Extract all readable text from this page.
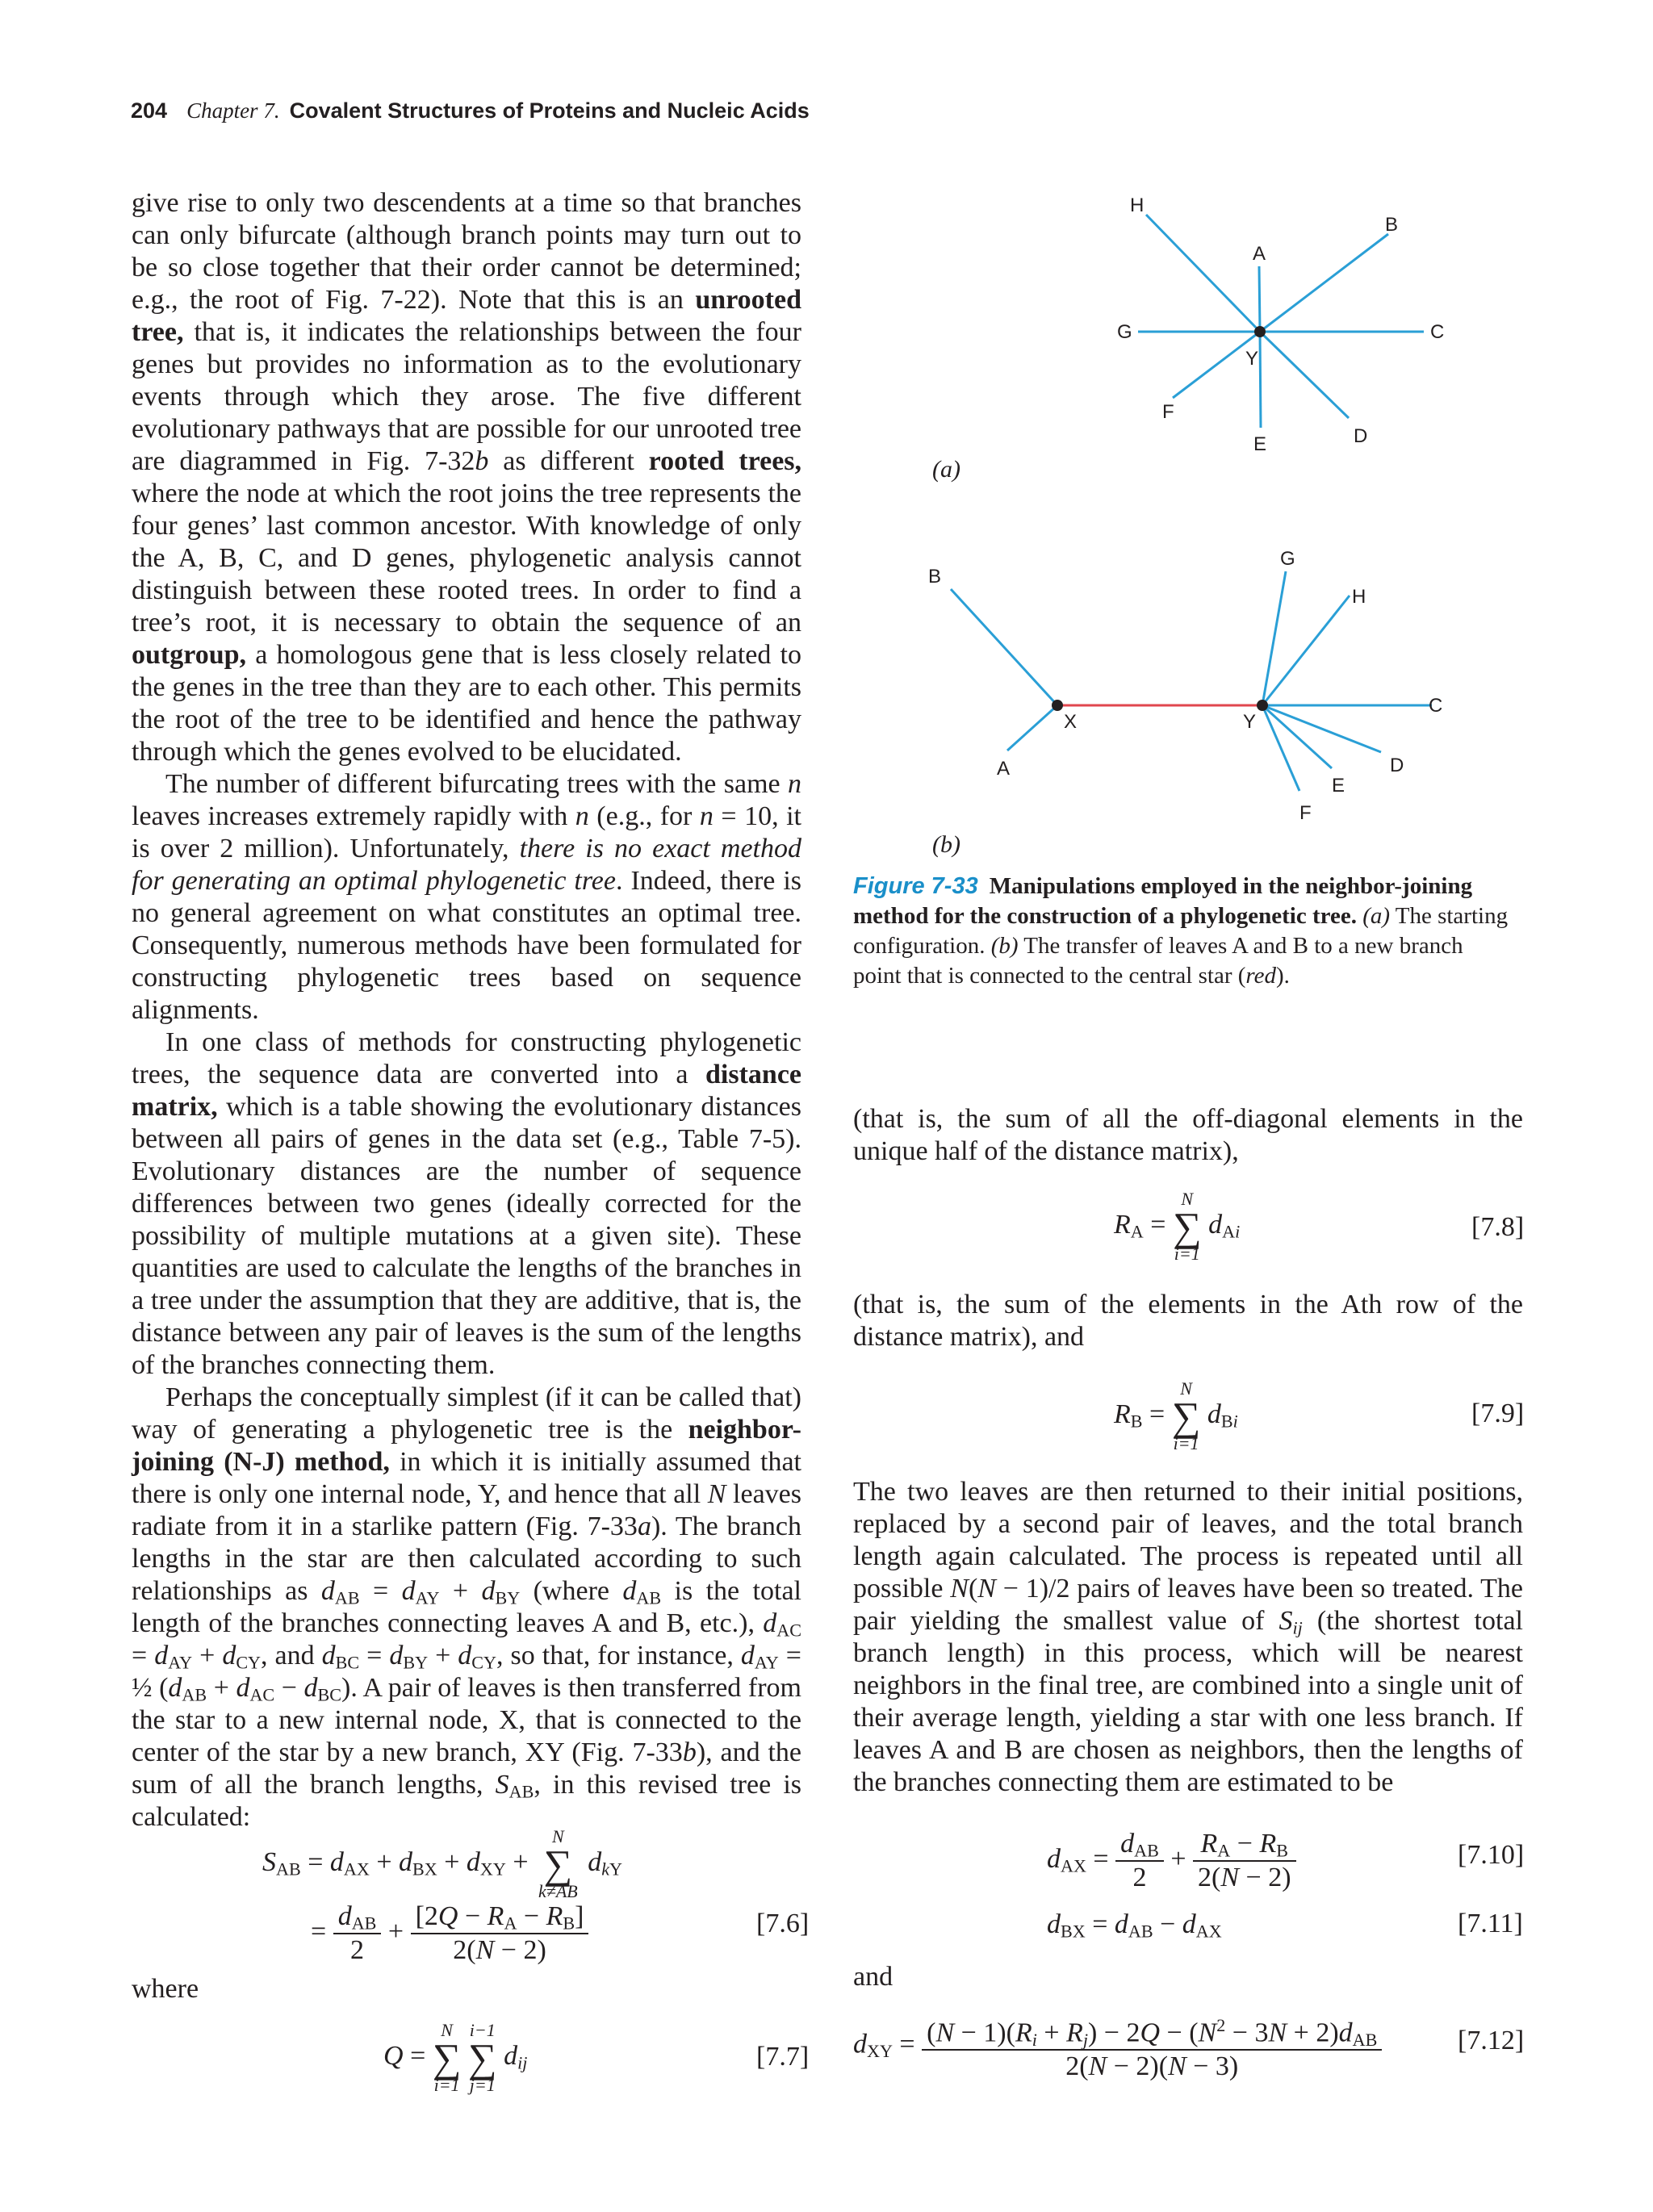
204 Chapter 7. Covalent Structures of Proteins and Nucleic Acids

give rise to only two descendents at a time so that branches can only bifurcate (although branch points may turn out to be so close together that their order cannot be determined; e.g., the root of Fig. 7-22). Note that this is an unrooted tree, that is, it indicates the relationships between the four genes but provides no information as to the evolutionary events through which they arose. The five different evolutionary pathways that are possible for our unrooted tree are diagrammed in Fig. 7-32b as different rooted trees, where the node at which the root joins the tree represents the four genes’ last common ancestor. With knowledge of only the A, B, C, and D genes, phylogenetic analysis cannot distinguish between these rooted trees. In order to find a tree’s root, it is necessary to obtain the sequence of an outgroup, a homologous gene that is less closely related to the genes in the tree than they are to each other. This permits the root of the tree to be identified and hence the pathway through which the genes evolved to be elucidated.

The number of different bifurcating trees with the same n leaves increases extremely rapidly with n (e.g., for n = 10, it is over 2 million). Unfortunately, there is no exact method for generating an optimal phylogenetic tree. Indeed, there is no general agreement on what constitutes an optimal tree. Consequently, numerous methods have been formulated for constructing phylogenetic trees based on sequence alignments.

In one class of methods for constructing phylogenetic trees, the sequence data are converted into a distance matrix, which is a table showing the evolutionary distances between all pairs of genes in the data set (e.g., Table 7-5). Evolutionary distances are the number of sequence differences between two genes (ideally corrected for the possibility of multiple mutations at a given site). These quantities are used to calculate the lengths of the branches in a tree under the assumption that they are additive, that is, the distance between any pair of leaves is the sum of the lengths of the branches connecting them.

Perhaps the conceptually simplest (if it can be called that) way of generating a phylogenetic tree is the neighbor-joining (N-J) method, in which it is initially assumed that there is only one internal node, Y, and hence that all N leaves radiate from it in a starlike pattern (Fig. 7-33a). The branch lengths in the star are then calculated according to such relationships as $d_{AB} = d_{AY} + d_{BY}$ (where $d_{AB}$ is the total length of the branches connecting leaves A and B, etc.), $d_{AC} = d_{AY} + d_{CY}$, and $d_{BC} = d_{BY} + d_{CY}$, so that, for instance, $d_{AY}$ = ½ $(d_{AB} + d_{AC} - d_{BC})$. A pair of leaves is then transferred from the star to a new internal node, X, that is connected to the center of the star by a new branch, XY (Fig. 7-33b), and the sum of all the branch lengths, $S_{AB}$, in this revised tree is calculated:

$S_{AB} = d_{AX} + d_{BX} + d_{XY}$ +
N
∑
k≠AB
$d_{kY}$
= $\frac{d_{AB}}{2} + \frac{[2Q - R_A - R_B]}{2(N - 2)}$	[7.6]
where
Q =
N
∑
i=1

i−1
∑
j=1
$d_{ij}$	[7.7]
H
B
A
G	C
Y
F
E	D
(a)
B
G
H
X	Y
C
A	D
E
F
(b)
Figure 7-33 Manipulations employed in the neighbor-joining method for the construction of a phylogenetic tree. (a) The starting configuration. (b) The transfer of leaves A and B to a new branch point that is connected to the central star (red).

(that is, the sum of all the off-diagonal elements in the unique half of the distance matrix),

$R_A$ =
N
∑
i=1
$d_{Ai}$	[7.8]

(that is, the sum of the elements in the Ath row of the distance matrix), and

$R_B$ =
N
∑
i=1
$d_{Bi}$	[7.9]

The two leaves are then returned to their initial positions, replaced by a second pair of leaves, and the total branch length again calculated. The process is repeated until all possible N(N − 1)/2 pairs of leaves have been so treated. The pair yielding the smallest value of $S_{ij}$ (the shortest total branch length) in this process, which will be nearest neighbors in the final tree, are combined into a single unit of their average length, yielding a star with one less branch. If leaves A and B are chosen as neighbors, then the lengths of the branches connecting them are estimated to be

$d_{AX} = \frac{d_{AB}}{2} + \frac{R_A - R_B}{2(N - 2)}$	[7.10]
$d_{BX} = d_{AB} - d_{AX}$	[7.11]
and
$d_{XY} = \frac{(N - 1)(R_i + R_j) - 2Q - (N^2 - 3N + 2)d_{AB}}{2(N - 2)(N - 3)}$	[7.12]
